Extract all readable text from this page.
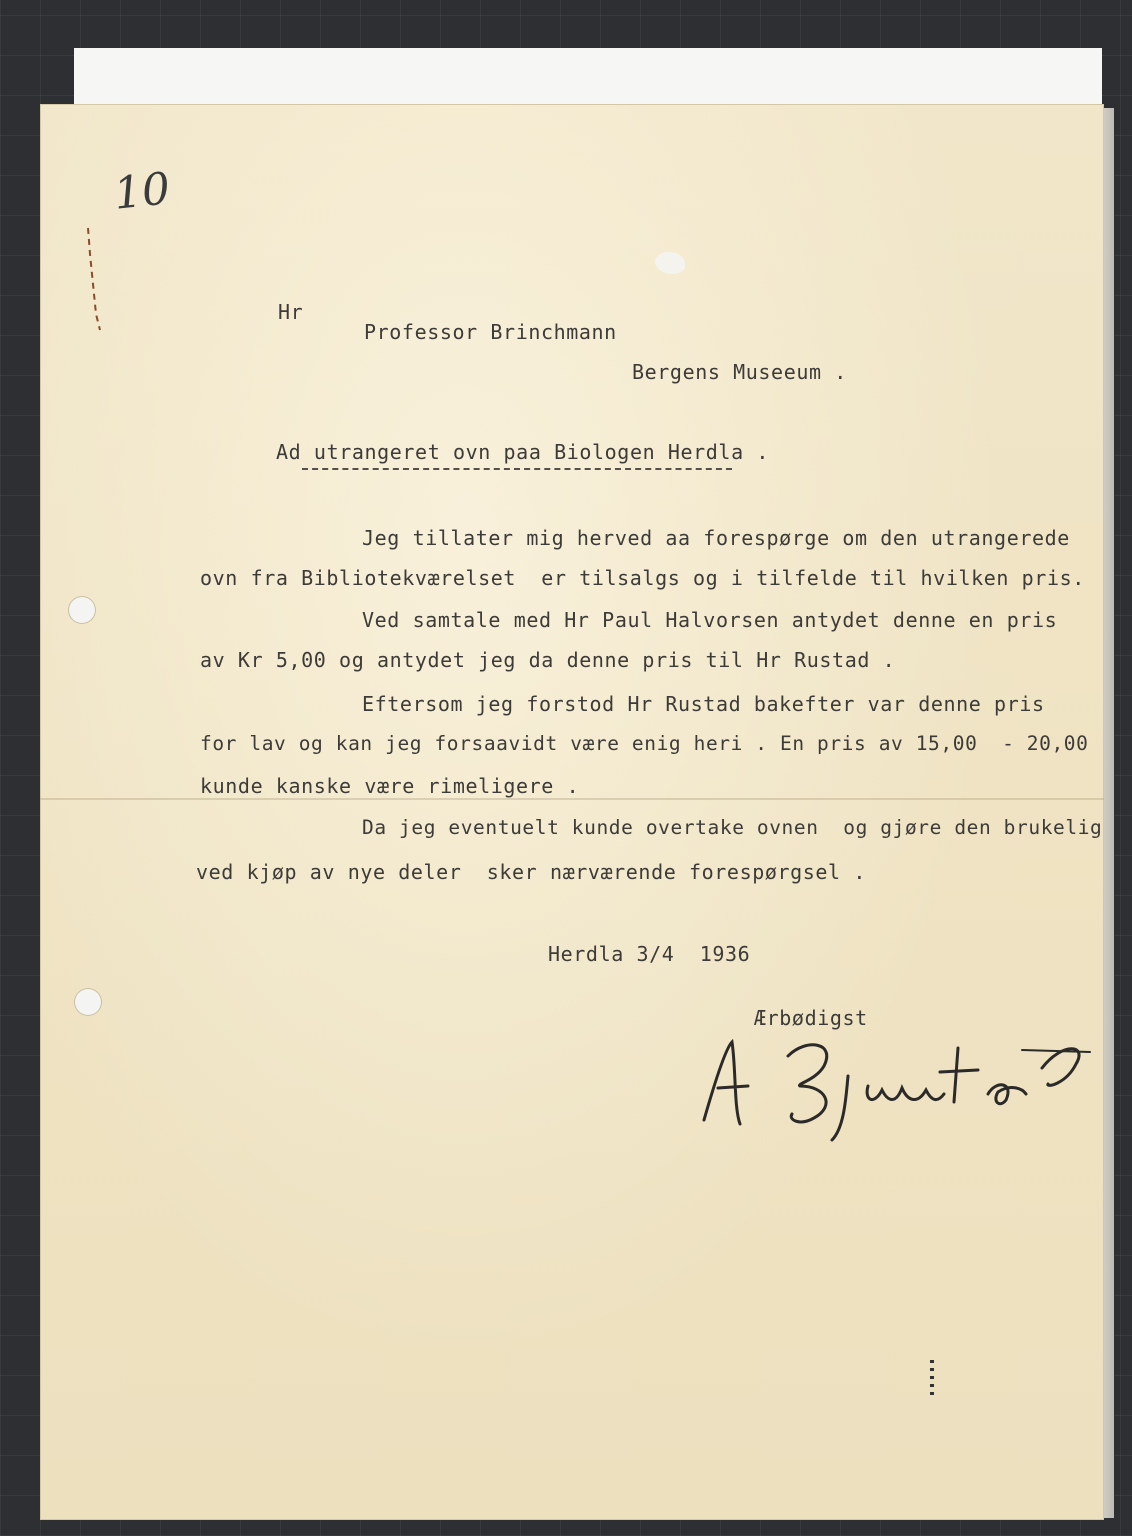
10
Hr
Professor Brinchmann
Bergens Museeum .
Ad utrangeret ovn paa Biologen Herdla .
Jeg tillater mig herved aa forespørge om den utrangerede
ovn fra Bibliotekværelset  er tilsalgs og i tilfelde til hvilken pris.
Ved samtale med Hr Paul Halvorsen antydet denne en pris
av Kr 5,00 og antydet jeg da denne pris til Hr Rustad .
Eftersom jeg forstod Hr Rustad bakefter var denne pris
for lav og kan jeg forsaavidt være enig heri . En pris av 15,00  - 20,00
kunde kanske være rimeligere .
Da jeg eventuelt kunde overtake ovnen  og gjøre den brukelig
ved kjøp av nye deler  sker nærværende forespørgsel .
Herdla 3/4  1936
Ærbødigst
